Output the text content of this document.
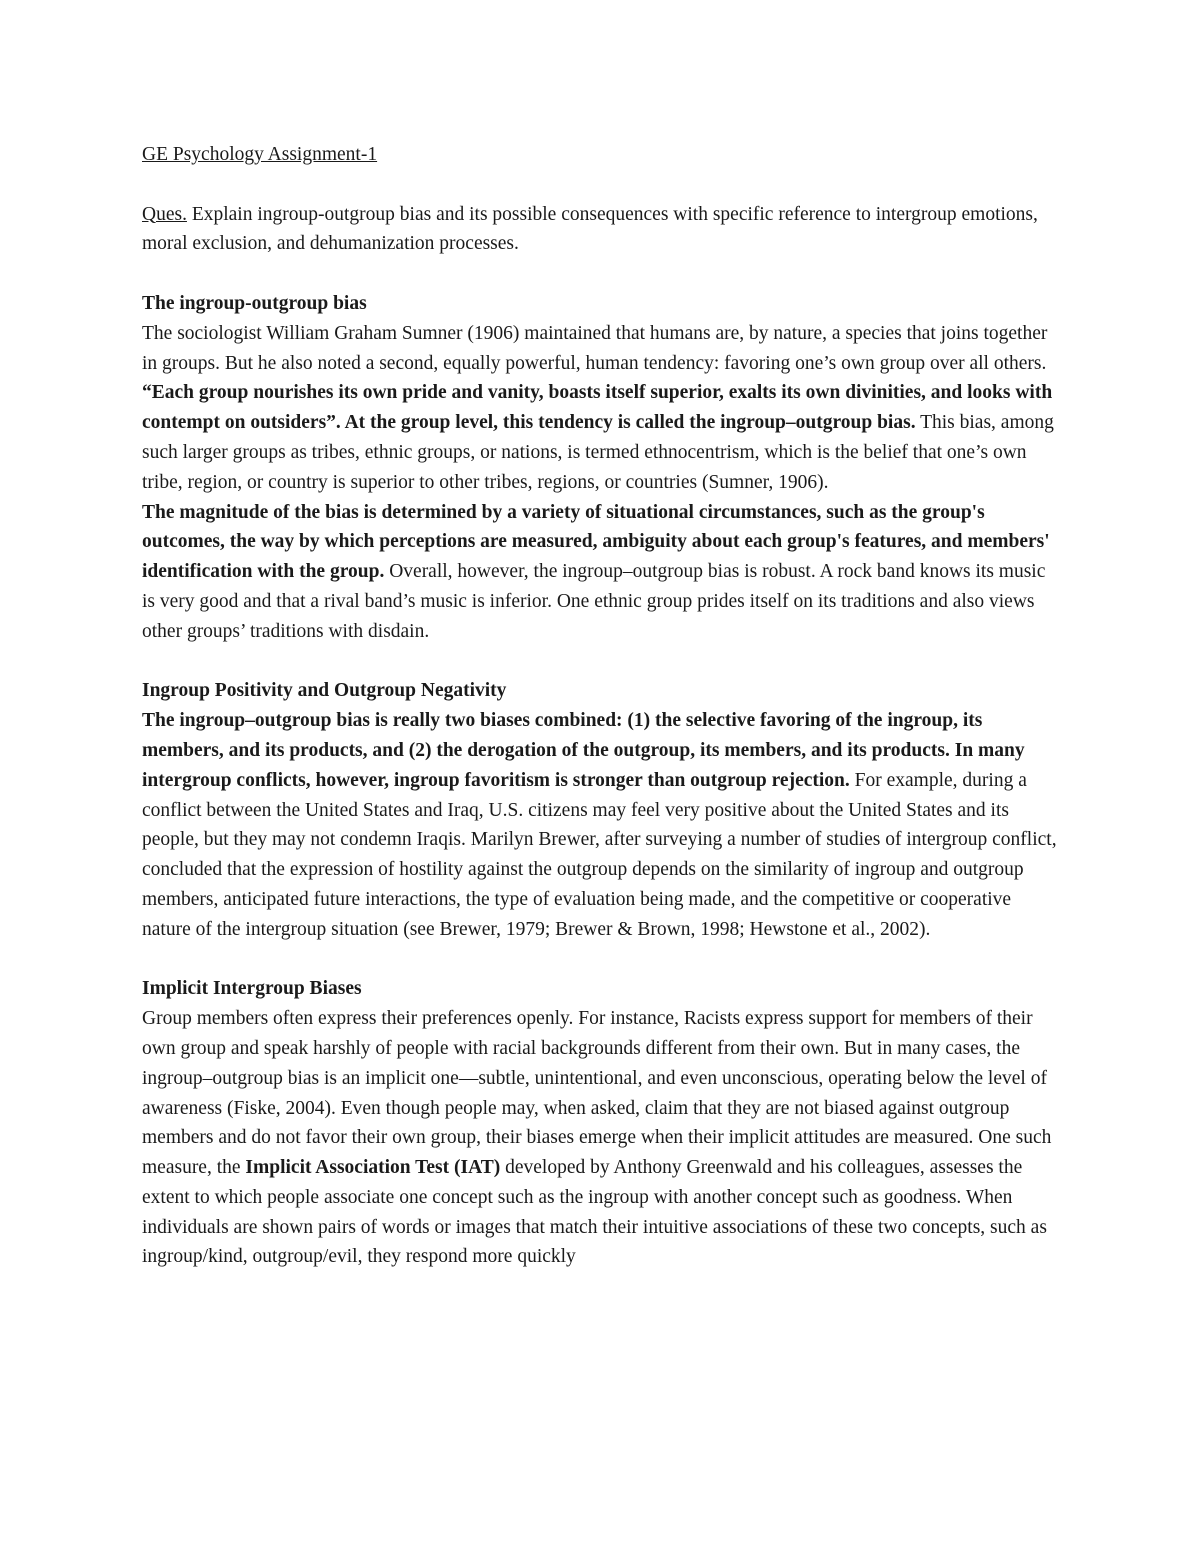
GE Psychology Assignment-1

Ques. Explain ingroup-outgroup bias and its possible consequences with specific reference to intergroup emotions, moral exclusion, and dehumanization processes.

The ingroup-outgroup bias

The sociologist William Graham Sumner (1906) maintained that humans are, by nature, a species that joins together in groups. But he also noted a second, equally powerful, human tendency: favoring one’s own group over all others. “Each group nourishes its own pride and vanity, boasts itself superior, exalts its own divinities, and looks with contempt on outsiders”. At the group level, this tendency is called the ingroup–outgroup bias. This bias, among such larger groups as tribes, ethnic groups, or nations, is termed ethnocentrism, which is the belief that one’s own tribe, region, or country is superior to other tribes, regions, or countries (Sumner, 1906).

The magnitude of the bias is determined by a variety of situational circumstances, such as the group's outcomes, the way by which perceptions are measured, ambiguity about each group's features, and members' identification with the group. Overall, however, the ingroup–outgroup bias is robust. A rock band knows its music is very good and that a rival band’s music is inferior. One ethnic group prides itself on its traditions and also views other groups’ traditions with disdain.

Ingroup Positivity and Outgroup Negativity

The ingroup–outgroup bias is really two biases combined: (1) the selective favoring of the ingroup, its members, and its products, and (2) the derogation of the outgroup, its members, and its products. In many intergroup conflicts, however, ingroup favoritism is stronger than outgroup rejection. For example, during a conflict between the United States and Iraq, U.S. citizens may feel very positive about the United States and its people, but they may not condemn Iraqis. Marilyn Brewer, after surveying a number of studies of intergroup conflict, concluded that the expression of hostility against the outgroup depends on the similarity of ingroup and outgroup members, anticipated future interactions, the type of evaluation being made, and the competitive or cooperative nature of the intergroup situation (see Brewer, 1979; Brewer & Brown, 1998; Hewstone et al., 2002).

Implicit Intergroup Biases

Group members often express their preferences openly. For instance, Racists express support for members of their own group and speak harshly of people with racial backgrounds different from their own. But in many cases, the ingroup–outgroup bias is an implicit one—subtle, unintentional, and even unconscious, operating below the level of awareness (Fiske, 2004). Even though people may, when asked, claim that they are not biased against outgroup members and do not favor their own group, their biases emerge when their implicit attitudes are measured. One such measure, the Implicit Association Test (IAT) developed by Anthony Greenwald and his colleagues, assesses the extent to which people associate one concept such as the ingroup with another concept such as goodness. When individuals are shown pairs of words or images that match their intuitive associations of these two concepts, such as ingroup/kind, outgroup/evil, they respond more quickly
